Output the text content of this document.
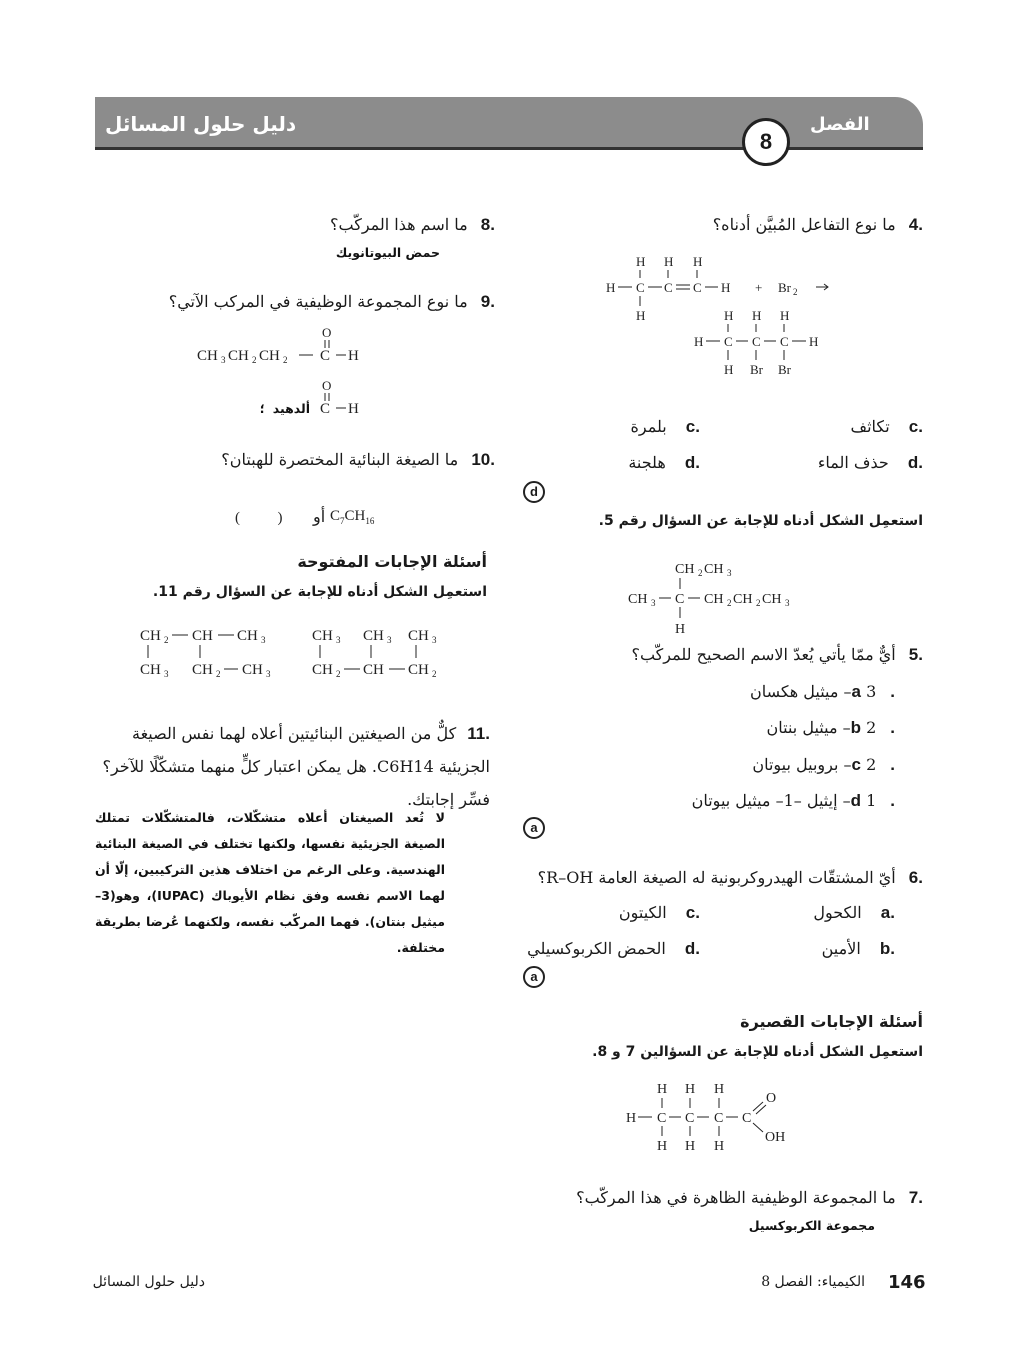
دليل حلول المسائل	الفصل
8
.4 ما نوع التفاعل المُبيَّن أدناه؟
H H H
H C C C H
H
+ Br 2
H H H
H C C C H
H Br Br
.c تكاثف
.c بلمرة
.d حذف الماء
.d هلجنة
d
استعمِل الشكل أدناه للإجابة عن السؤال رقم 5.
CH 2 CH 3
CH 3 C CH 2 CH 2 CH 3
H
.5 أيٌّ ممّا يأتي يُعدّ الاسم الصحيح للمركّب؟
.a 3– ميثيل هكسان
.b 2– ميثيل بنتان
.c 2– بروبيل بيوتان
.d 1– إيثيل –1– ميثيل بيوتان
a
.6 أيّ المشتقّات الهيدروكربونية له الصيغة العامة R–OH؟
.a الكحول
.c الكيتون
.b الأمين
.d الحمض الكربوكسيلي
a
أسئلة الإجابات القصيرة
استعمِل الشكل أدناه للإجابة عن السؤالين 7 و 8.
H H H
H C C C C
O
OH
H H H
.7 ما المجموعة الوظيفية الظاهرة في هذا المركّب؟
مجموعة الكربوكسيل
.8 ما اسم هذا المركّب؟
حمض البيوتانويك
.9 ما نوع المجموعة الوظيفية في المركب الآتي؟
O
CH 3 CH 2 CH 2 C H
O
C H
ألدهيد؛
.10 ما الصيغة البنائية المختصرة للهبتان؟
(          ) أو $C_7CH_{16}$
أسئلة الإجابات المفتوحة
استعمِل الشكل أدناه للإجابة عن السؤال رقم 11.
CH 2 CH CH 3
CH 3 CH 2 CH 3
CH 3 CH 3 CH 3
CH 2 CH CH 2
.11 كلٌّ من الصيغتين البنائيتين أعلاه لهما نفس الصيغة الجزيئية C6H14. هل يمكن اعتبار كلٍّ منهما متشكّلًا للآخر؟ فسِّر إجابتك.
لا تُعد الصيغتان أعلاه متشكّلات، فالمتشكّلات تمتلك الصيغة الجزيئية نفسها، ولكنها تختلف في الصيغة البنائية الهندسية. وعلى الرغم من اختلاف هذين التركيبين، إلّا أن لهما الاسم نفسه وفق نظام الأيوباك (IUPAC)، وهو(3– ميثيل بنتان). فهما المركّب نفسه، ولكنهما عُرضا بطريقة مختلفة.
146
الكيمياء: الفصل 8
دليل حلول المسائل
